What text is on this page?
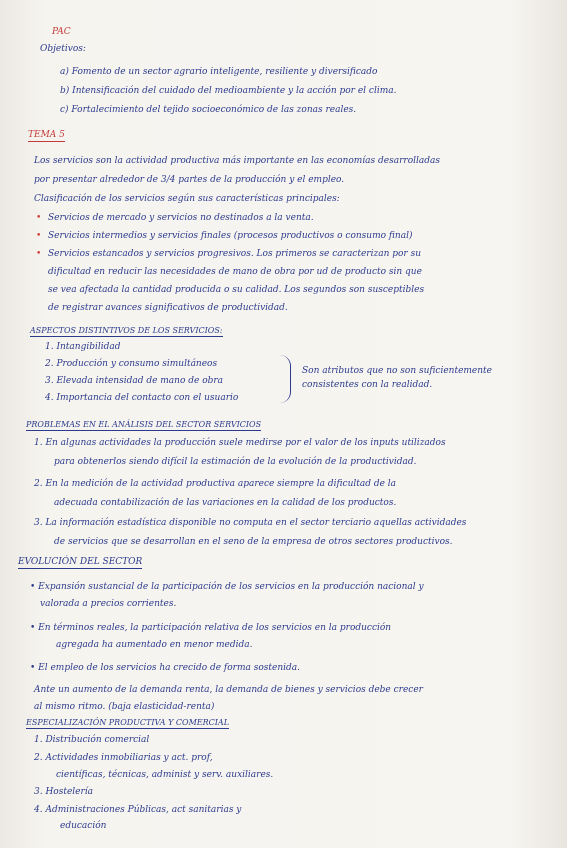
PAC
Objetivos:
a) Fomento de un sector agrario inteligente, resiliente y diversificado
b) Intensificación del cuidado del medioambiente y la acción por el clima.
c) Fortalecimiento del tejido socioeconómico de las zonas reales.
TEMA 5
Los servicios son la actividad productiva más importante en las economías desarrolladas
por presentar alrededor de 3/4 partes de la producción y el empleo.
Clasificación de los servicios según sus características principales:
• Servicios de mercado y servicios no destinados a la venta.
• Servicios intermedios y servicios finales (procesos productivos o consumo final)
• Servicios estancados y servicios progresivos. Los primeros se caracterizan por su
dificultad en reducir las necesidades de mano de obra por ud de producto sin que
se vea afectada la cantidad producida o su calidad. Los segundos son susceptibles
de registrar avances significativos de productividad.
ASPECTOS DISTINTIVOS DE LOS SERVICIOS:
1. Intangibilidad
2. Producción y consumo simultáneos
3. Elevada intensidad de mano de obra
4. Importancia del contacto con el usuario
Son atributos que no son suficientemente
consistentes con la realidad.
PROBLEMAS EN EL ANÁLISIS DEL SECTOR SERVICIOS
1. En algunas actividades la producción suele medirse por el valor de los inputs utilizados
para obtenerlos siendo difícil la estimación de la evolución de la productividad.
2. En la medición de la actividad productiva aparece siempre la dificultad de la
adecuada contabilización de las variaciones en la calidad de los productos.
3. La información estadística disponible no computa en el sector terciario aquellas actividades
de servicios que se desarrollan en el seno de la empresa de otros sectores productivos.
EVOLUCIÓN DEL SECTOR
• Expansión sustancial de la participación de los servicios en la producción nacional y
valorada a precios corrientes.
• En términos reales, la participación relativa de los servicios en la producción
agregada ha aumentado en menor medida.
• El empleo de los servicios ha crecido de forma sostenida.
Ante un aumento de la demanda renta, la demanda de bienes y servicios debe crecer
al mismo ritmo. (baja elasticidad-renta)
ESPECIALIZACIÓN PRODUCTIVA Y COMERCIAL
1. Distribución comercial
2. Actividades inmobiliarias y act. prof,
científicas, técnicas, administ y serv. auxiliares.
3. Hostelería
4. Administraciones Públicas, act sanitarias y
educación
